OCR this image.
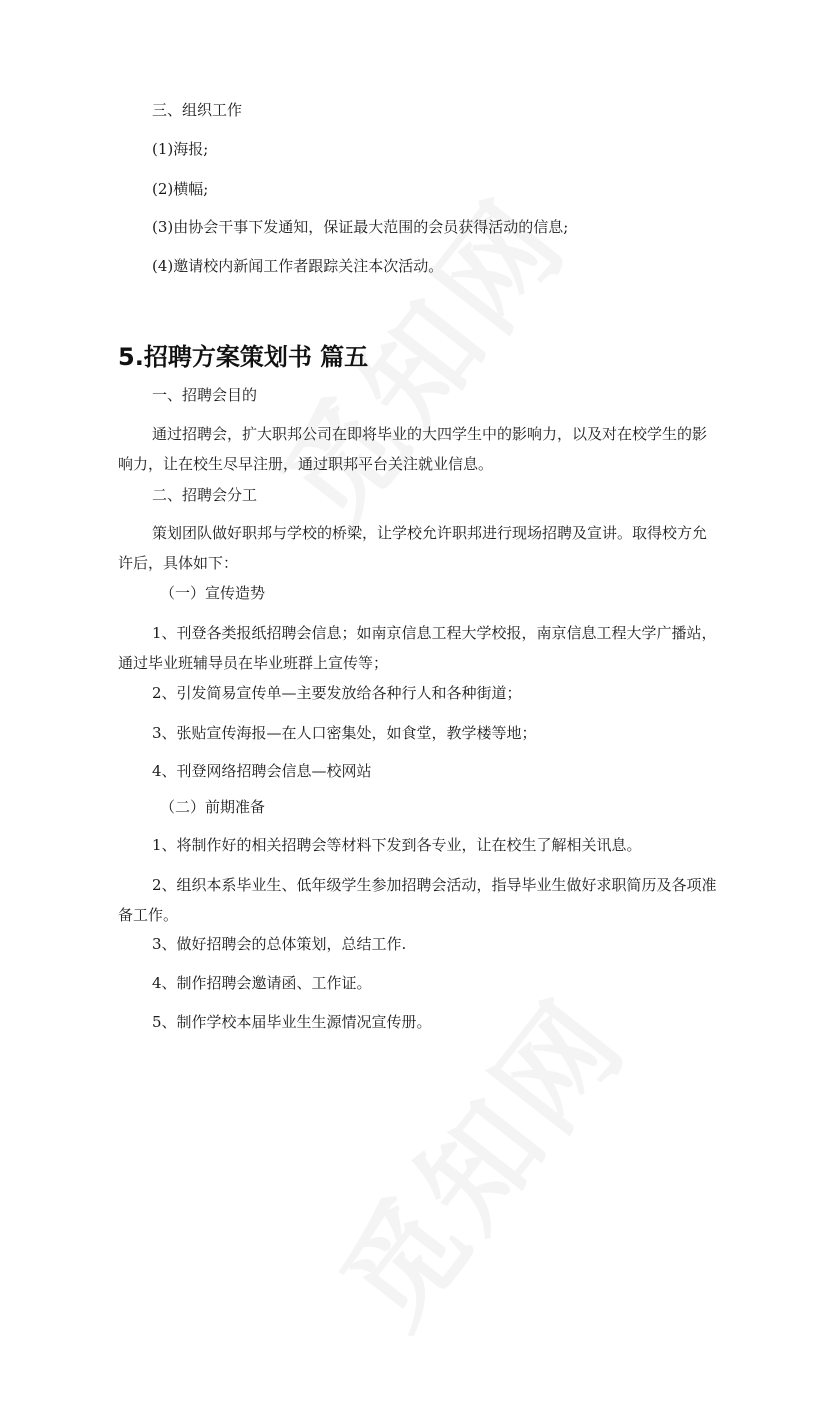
三、组织工作
(1)海报;
(2)横幅;
(3)由协会干事下发通知，保证最大范围的会员获得活动的信息;
(4)邀请校内新闻工作者跟踪关注本次活动。
5.招聘方案策划书 篇五
一、招聘会目的
通过招聘会，扩大职邦公司在即将毕业的大四学生中的影响力，以及对在校学生的影响力，让在校生尽早注册，通过职邦平台关注就业信息。
二、招聘会分工
策划团队做好职邦与学校的桥梁，让学校允许职邦进行现场招聘及宣讲。取得校方允许后，具体如下：
（一）宣传造势
1、刊登各类报纸招聘会信息；如南京信息工程大学校报，南京信息工程大学广播站，通过毕业班辅导员在毕业班群上宣传等；
2、引发简易宣传单—主要发放给各种行人和各种街道；
3、张贴宣传海报—在人口密集处，如食堂，教学楼等地；
4、刊登网络招聘会信息—校网站
（二）前期准备
1、将制作好的相关招聘会等材料下发到各专业，让在校生了解相关讯息。
2、组织本系毕业生、低年级学生参加招聘会活动，指导毕业生做好求职简历及各项准备工作。
3、做好招聘会的总体策划，总结工作.
4、制作招聘会邀请函、工作证。
5、制作学校本届毕业生生源情况宣传册。
